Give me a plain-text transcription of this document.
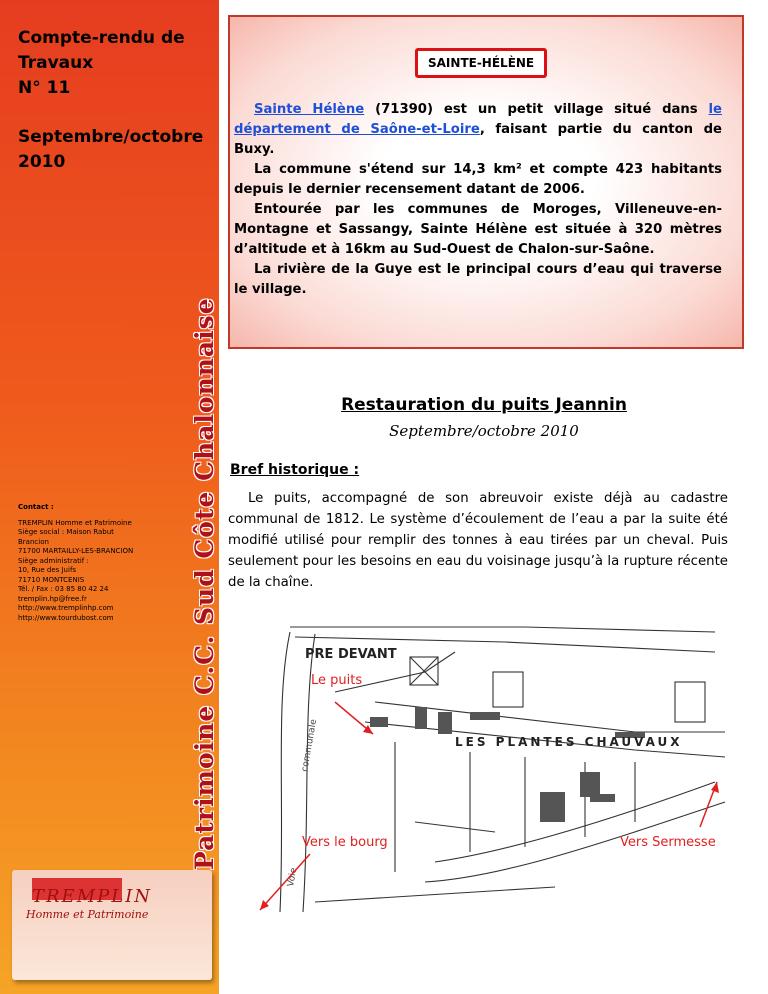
Compte-rendu de
Travaux
N° 11
Septembre/octobre
2010
Patrimoine C.C. Sud Côte Chalonnaise
Contact :
TREMPLIN Homme et Patrimoine
Siège social : Maison Rabut
Brancion
71700 MARTAILLY-LES-BRANCION
Siège administratif :
10, Rue des Juifs
71710 MONTCENIS
Tél. / Fax : 03 85 80 42 24
tremplin.hp@free.fr
http://www.tremplinhp.com
http://www.tourdubost.com
TREMPLIN
Homme et Patrimoine
SAINTE-HÉLÈNE

Sainte Hélène (71390) est un petit village situé dans le département de Saône-et-Loire, faisant partie du canton de Buxy.

La commune s'étend sur 14,3 km² et compte 423 habitants depuis le dernier recensement datant de 2006.

Entourée par les communes de Moroges, Villeneuve-en-Montagne et Sassangy, Sainte Hélène est située à 320 mètres d’altitude et à 16km au Sud-Ouest de Chalon-sur-Saône.

La rivière de la Guye est le principal cours d’eau qui traverse le village.

Restauration du puits Jeannin
Septembre/octobre 2010
Bref historique :

Le puits, accompagné de son abreuvoir existe déjà au cadastre communal de 1812. Le système d’écoulement de l’eau a par la suite été modifié utilisé pour remplir des tonnes à eau tirées par un cheval. Puis seulement pour les besoins en eau du voisinage jusqu’à la rupture récente de la chaîne.

PRE DEVANT
LES PLANTES CHAUVAUX
communale
Voie
Le puits
Vers le bourg	Vers Sermesse
